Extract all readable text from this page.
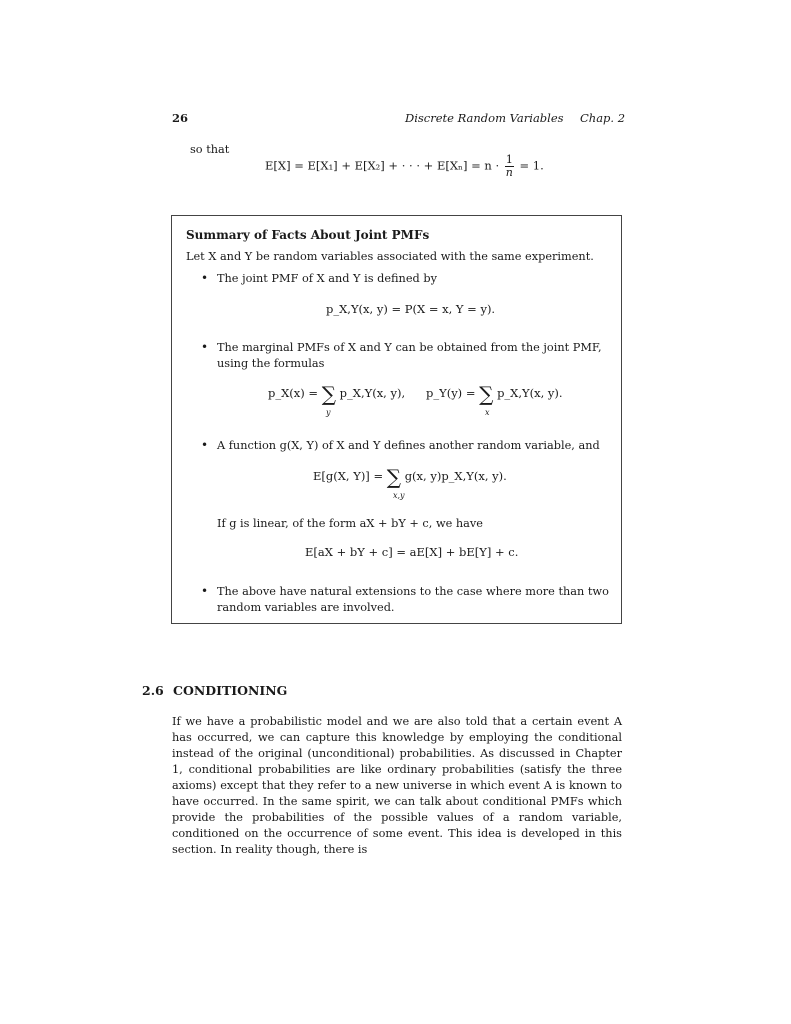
26	Discrete Random Variables Chap. 2
so that
E[X] = E[X₁] + E[X₂] + · · · + $E[X_n] = n \cdot \frac{1}{n} = 1$.
Summary of Facts About Joint PMFs
Let X and Y be random variables associated with the same experiment.
• The joint PMF of X and Y is defined by
p_X,Y(x, y) = P(X = x, Y = y).
• The marginal PMFs of X and Y can be obtained from the joint PMF,
using the formulas
p_X(x) = ∑ p_X,Y(x, y),
y
p_Y(y) = ∑ p_X,Y(x, y).
x
• A function g(X, Y) of X and Y defines another random variable, and
E[g(X, Y)] = ∑ g(x, y)p_X,Y(x, y).
x,y
If g is linear, of the form aX + bY + c, we have
E[aX + bY + c] = aE[X] + bE[Y] + c.
• The above have natural extensions to the case where more than two
random variables are involved.
2.6 CONDITIONING
If we have a probabilistic model and we are also told that a certain event A has occurred, we can capture this knowledge by employing the conditional instead of the original (unconditional) probabilities. As discussed in Chapter 1, conditional probabilities are like ordinary probabilities (satisfy the three axioms) except that they refer to a new universe in which event A is known to have occurred. In the same spirit, we can talk about conditional PMFs which provide the probabilities of the possible values of a random variable, conditioned on the occurrence of some event. This idea is developed in this section. In reality though, there is
